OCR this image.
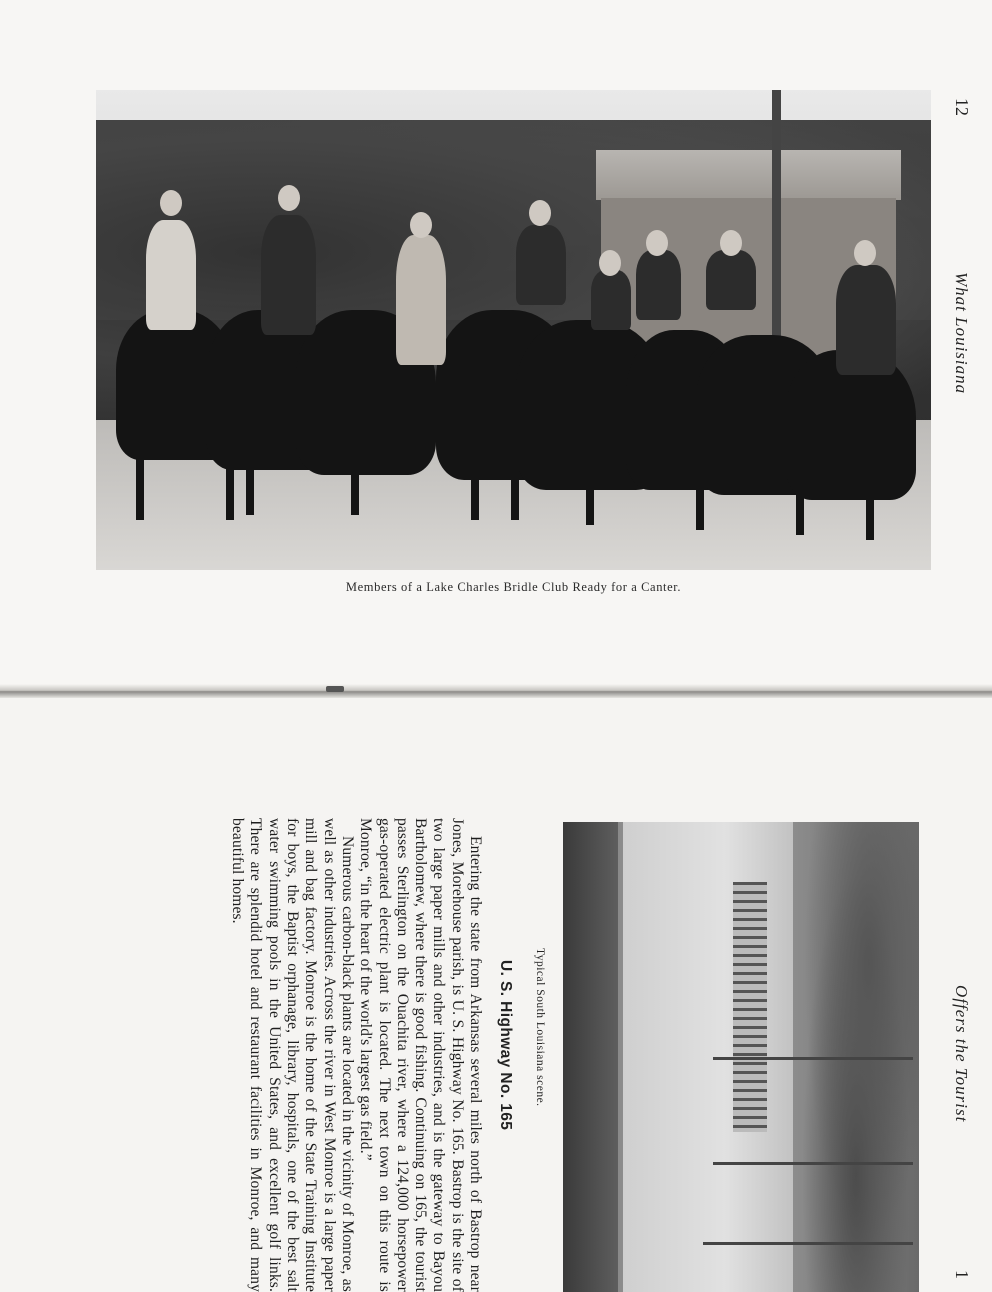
Members of a Lake Charles Bridle Club Ready for a Canter.
12
What Louisiana
Offers the Tourist
1
Typical South Louisiana scene.
U. S. Highway No. 165

Entering the state from Arkansas several miles north of Bastrop near Jones, Morehouse parish, is U. S. Highway No. 165. Bastrop is the site of two large paper mills and other industries, and is the gateway to Bayou Bartholomew, where there is good fishing. Continuing on 165, the tourist passes Sterlington on the Ouachita river, where a 124,000 horsepower gas-operated electric plant is located. The next town on this route is Monroe, “in the heart of the world's largest gas field.”

Numerous carbon-black plants are located in the vicinity of Monroe, as well as other industries. Across the river in West Monroe is a large paper mill and bag factory. Monroe is the home of the State Training Institute for boys, the Baptist orphanage, library, hospitals, one of the best salt water swimming pools in the United States, and excellent golf links. There are splendid hotel and restaurant facilities in Monroe, and many beautiful homes.
